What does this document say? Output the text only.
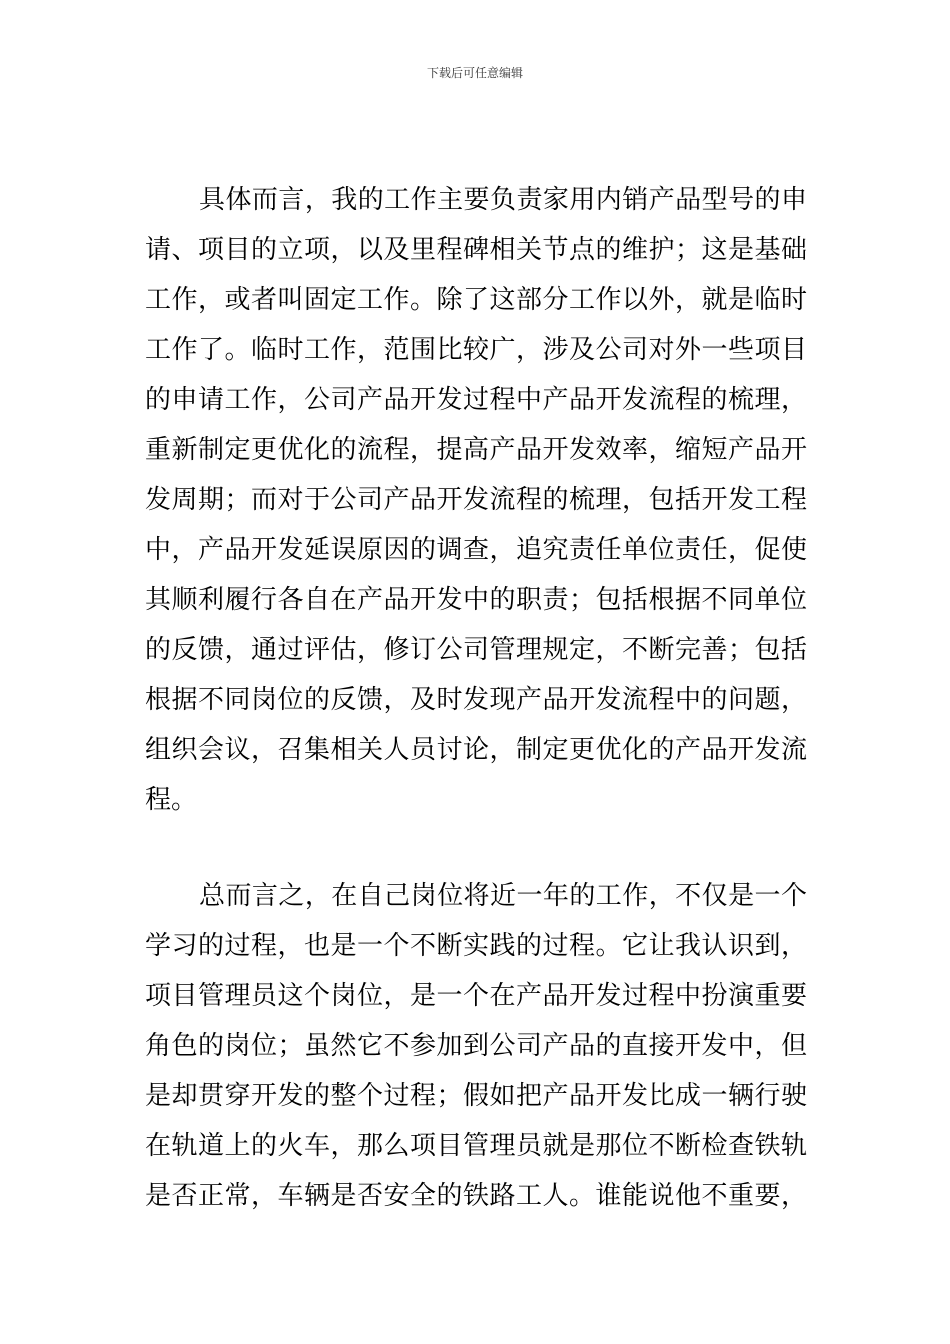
下载后可任意编辑
具体而言，我的工作主要负责家用内销产品型号的申
请、项目的立项，以及里程碑相关节点的维护；这是基础
工作，或者叫固定工作。除了这部分工作以外，就是临时
工作了。临时工作，范围比较广，涉及公司对外一些项目
的申请工作，公司产品开发过程中产品开发流程的梳理，
重新制定更优化的流程，提高产品开发效率，缩短产品开
发周期；而对于公司产品开发流程的梳理，包括开发工程
中，产品开发延误原因的调查，追究责任单位责任，促使
其顺利履行各自在产品开发中的职责；包括根据不同单位
的反馈，通过评估，修订公司管理规定，不断完善；包括
根据不同岗位的反馈，及时发现产品开发流程中的问题，
组织会议，召集相关人员讨论，制定更优化的产品开发流
程。
总而言之，在自己岗位将近一年的工作，不仅是一个
学习的过程，也是一个不断实践的过程。它让我认识到，
项目管理员这个岗位，是一个在产品开发过程中扮演重要
角色的岗位；虽然它不参加到公司产品的直接开发中，但
是却贯穿开发的整个过程；假如把产品开发比成一辆行驶
在轨道上的火车，那么项目管理员就是那位不断检查铁轨
是否正常，车辆是否安全的铁路工人。谁能说他不重要，
